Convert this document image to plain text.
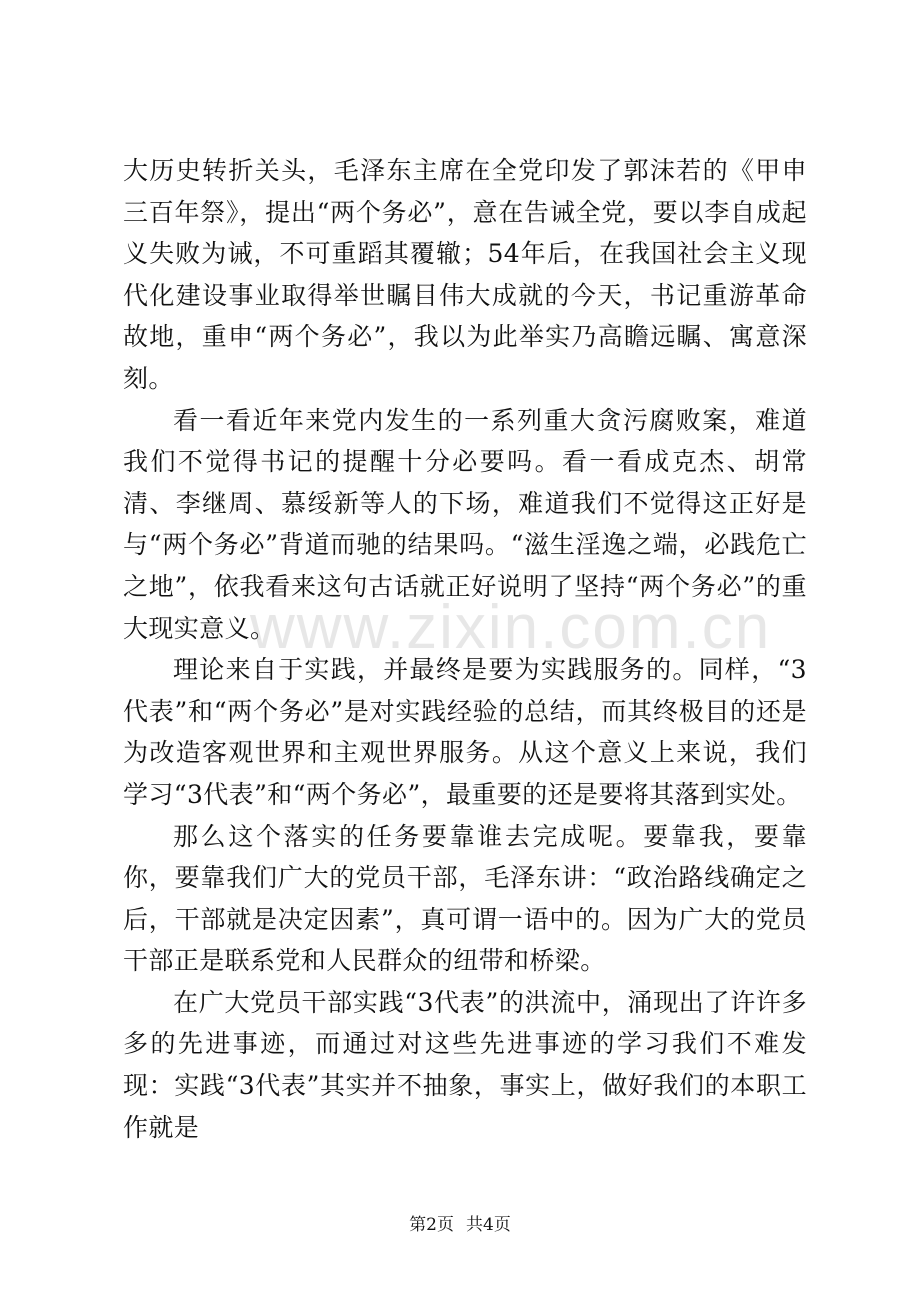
www.zixin.com.cn

大历史转折关头，毛泽东主席在全党印发了郭沫若的《甲申三百年祭》，提出“两个务必”，意在告诫全党，要以李自成起义失败为诫，不可重蹈其覆辙；54年后，在我国社会主义现代化建设事业取得举世瞩目伟大成就的今天，书记重游革命故地，重申“两个务必”，我以为此举实乃高瞻远瞩、寓意深刻。

看一看近年来党内发生的一系列重大贪污腐败案，难道我们不觉得书记的提醒十分必要吗。看一看成克杰、胡常清、李继周、慕绥新等人的下场，难道我们不觉得这正好是与“两个务必”背道而驰的结果吗。“滋生淫逸之端，必践危亡之地”，依我看来这句古话就正好说明了坚持“两个务必”的重大现实意义。

理论来自于实践，并最终是要为实践服务的。同样，“3代表”和“两个务必”是对实践经验的总结，而其终极目的还是为改造客观世界和主观世界服务。从这个意义上来说，我们学习“3代表”和“两个务必”，最重要的还是要将其落到实处。

那么这个落实的任务要靠谁去完成呢。要靠我，要靠你，要靠我们广大的党员干部，毛泽东讲：“政治路线确定之后，干部就是决定因素”，真可谓一语中的。因为广大的党员干部正是联系党和人民群众的纽带和桥梁。

在广大党员干部实践“3代表”的洪流中，涌现出了许许多多的先进事迹，而通过对这些先进事迹的学习我们不难发现：实践“3代表”其实并不抽象，事实上，做好我们的本职工作就是

第2页 共4页
